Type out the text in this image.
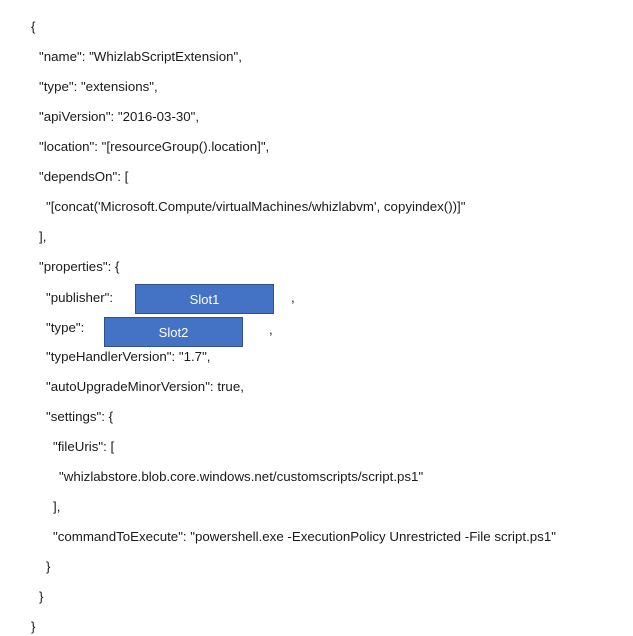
{

"name": "WhizlabScriptExtension",

"type": "extensions",

"apiVersion": "2016-03-30",

"location": "[resourceGroup().location]",

"dependsOn": [

"[concat('Microsoft.Compute/virtualMachines/whizlabvm', copyindex())]"

],

"properties": {

"publisher":	Slot1	,

"type":	Slot2	,

"typeHandlerVersion": "1.7",

"autoUpgradeMinorVersion": true,

"settings": {

"fileUris": [

"whizlabstore.blob.core.windows.net/customscripts/script.ps1"

],

"commandToExecute": "powershell.exe -ExecutionPolicy Unrestricted -File script.ps1"

}

}

}
